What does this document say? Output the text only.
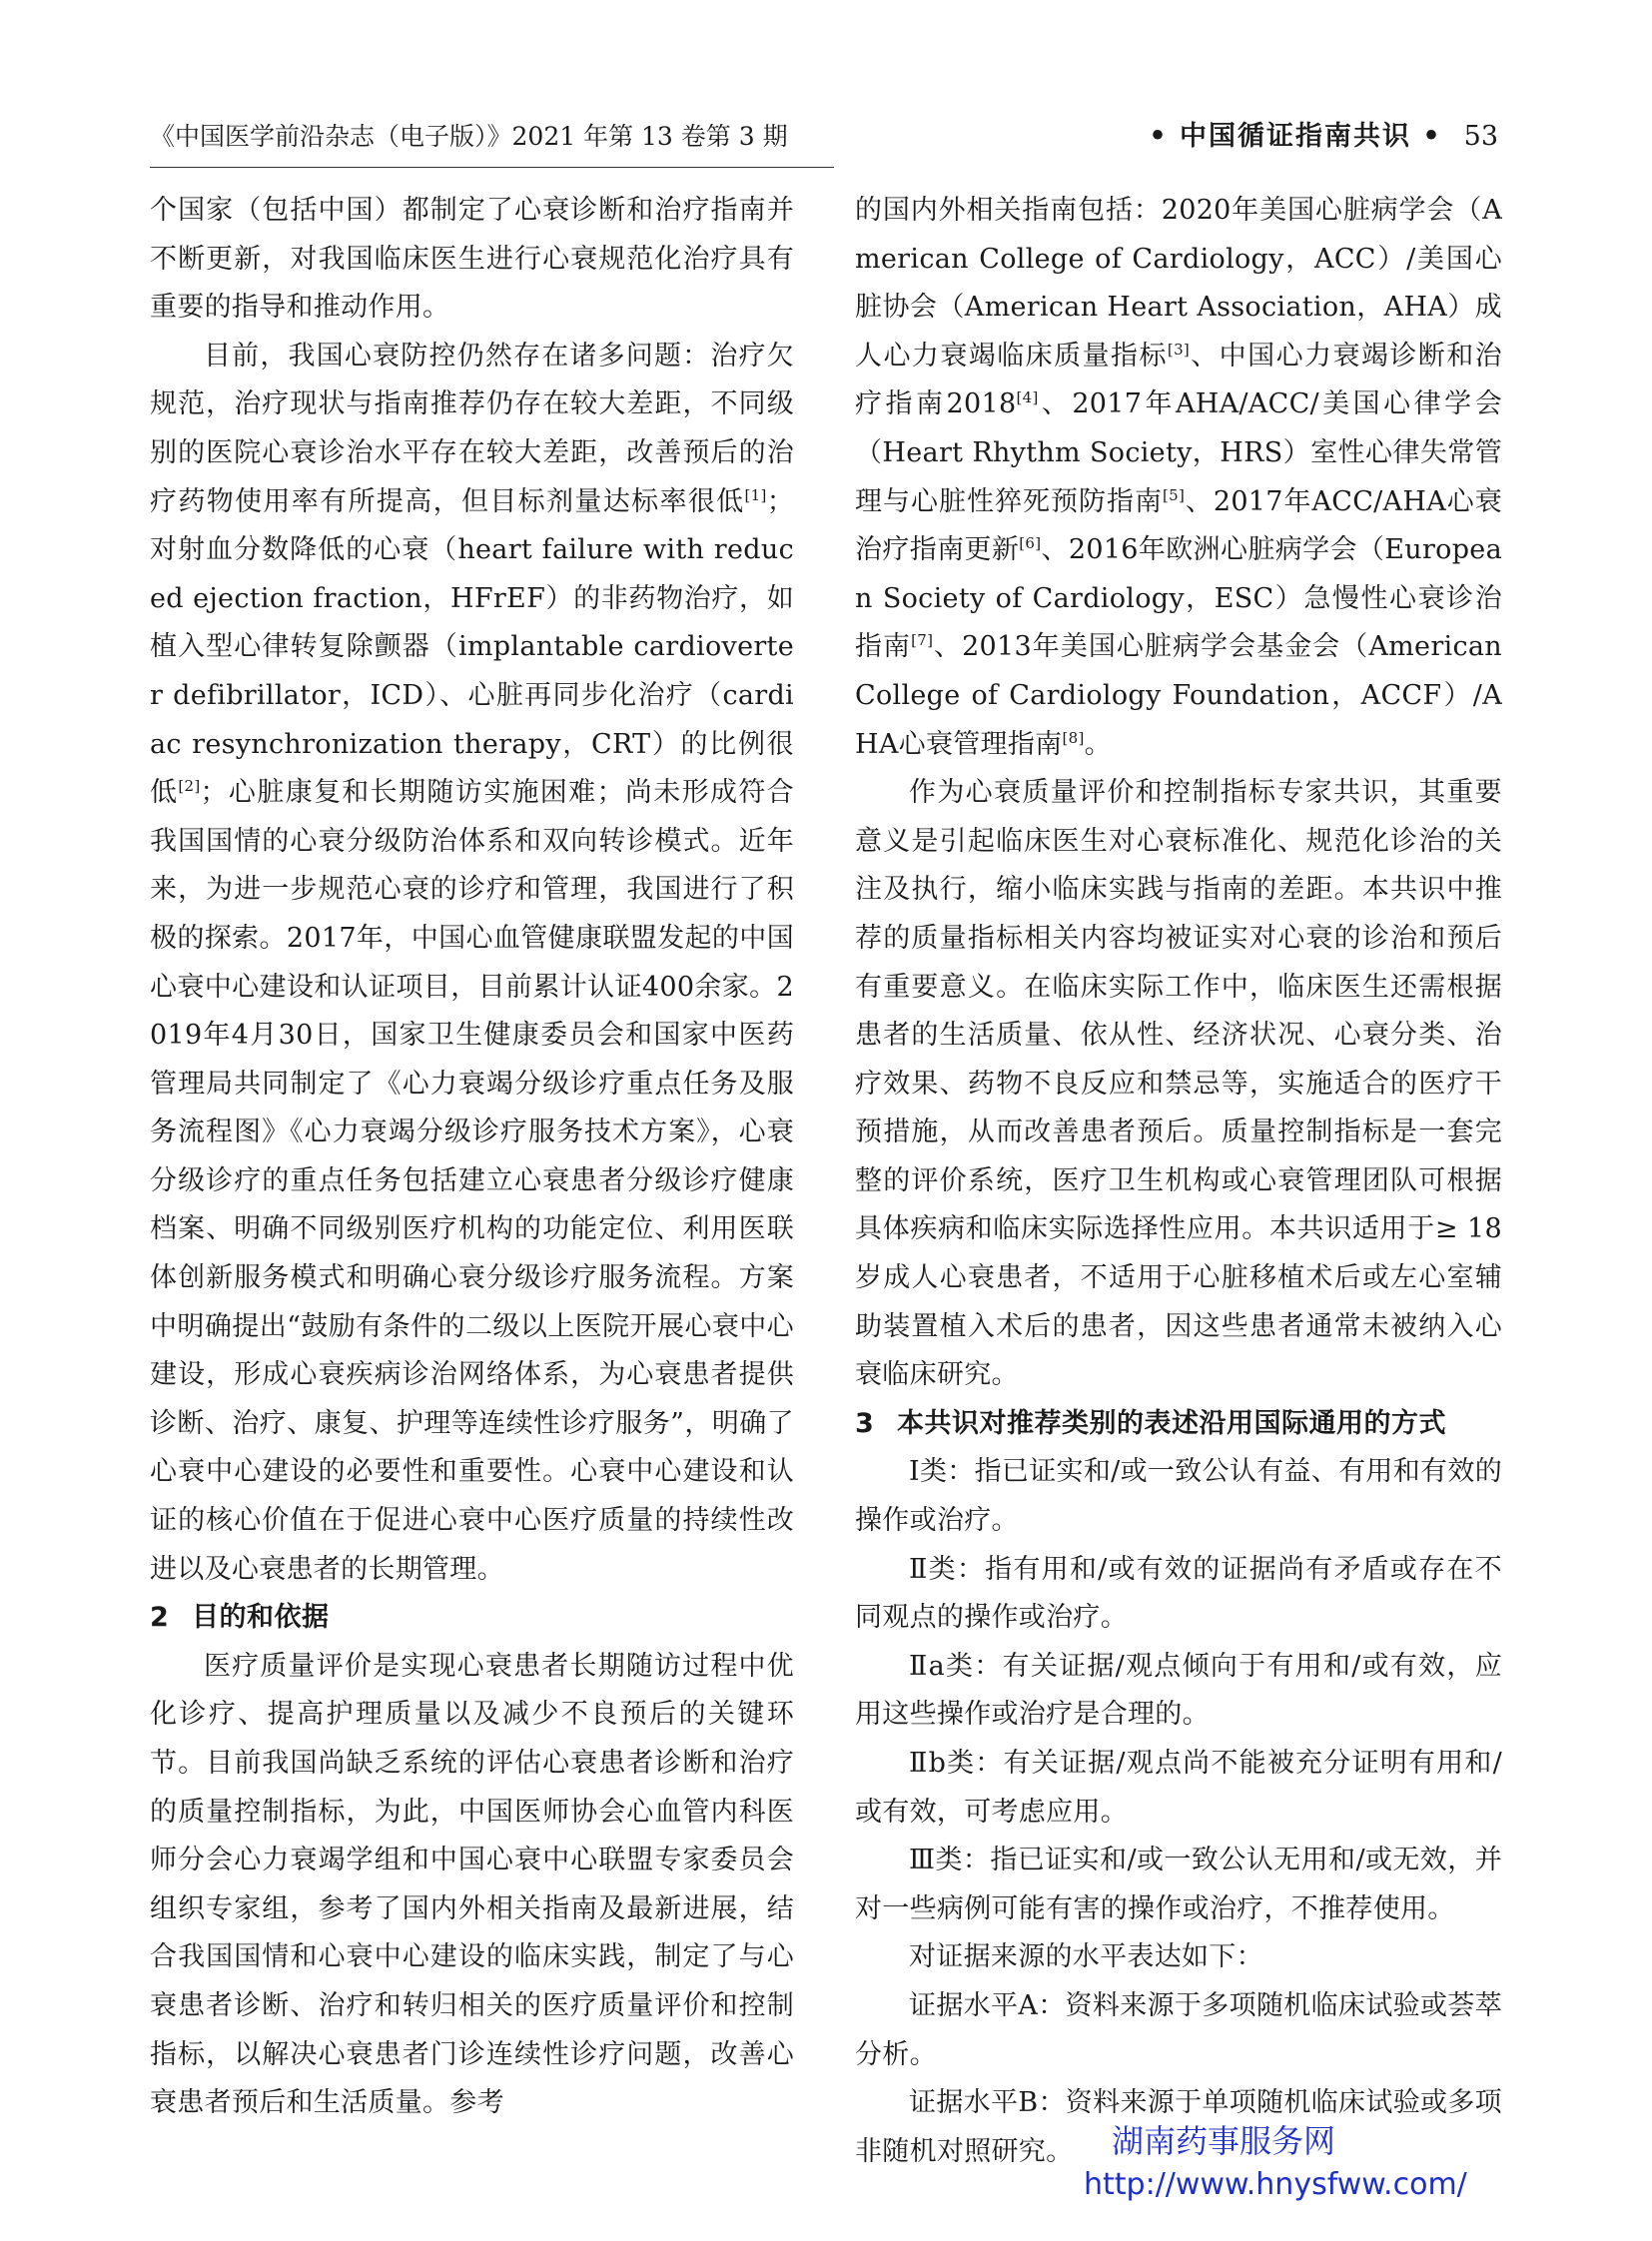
《中国医学前沿杂志（电子版）》2021 年第 13 卷第 3 期	• 中国循证指南共识 • 53

个国家（包括中国）都制定了心衰诊断和治疗指南并不断更新，对我国临床医生进行心衰规范化治疗具有重要的指导和推动作用。

目前，我国心衰防控仍然存在诸多问题：治疗欠规范，治疗现状与指南推荐仍存在较大差距，不同级别的医院心衰诊治水平存在较大差距，改善预后的治疗药物使用率有所提高，但目标剂量达标率很低[1]；对射血分数降低的心衰（heart failure with reduced ejection fraction，HFrEF）的非药物治疗，如植入型心律转复除颤器（implantable cardioverter defibrillator，ICD）、心脏再同步化治疗（cardiac resynchronization therapy，CRT）的比例很低[2]；心脏康复和长期随访实施困难；尚未形成符合我国国情的心衰分级防治体系和双向转诊模式。近年来，为进一步规范心衰的诊疗和管理，我国进行了积极的探索。2017年，中国心血管健康联盟发起的中国心衰中心建设和认证项目，目前累计认证400余家。2019年4月30日，国家卫生健康委员会和国家中医药管理局共同制定了《心力衰竭分级诊疗重点任务及服务流程图》《心力衰竭分级诊疗服务技术方案》，心衰分级诊疗的重点任务包括建立心衰患者分级诊疗健康档案、明确不同级别医疗机构的功能定位、利用医联体创新服务模式和明确心衰分级诊疗服务流程。方案中明确提出“鼓励有条件的二级以上医院开展心衰中心建设，形成心衰疾病诊治网络体系，为心衰患者提供诊断、治疗、康复、护理等连续性诊疗服务”，明确了心衰中心建设的必要性和重要性。心衰中心建设和认证的核心价值在于促进心衰中心医疗质量的持续性改进以及心衰患者的长期管理。

2 目的和依据

医疗质量评价是实现心衰患者长期随访过程中优化诊疗、提高护理质量以及减少不良预后的关键环节。目前我国尚缺乏系统的评估心衰患者诊断和治疗的质量控制指标，为此，中国医师协会心血管内科医师分会心力衰竭学组和中国心衰中心联盟专家委员会组织专家组，参考了国内外相关指南及最新进展，结合我国国情和心衰中心建设的临床实践，制定了与心衰患者诊断、治疗和转归相关的医疗质量评价和控制指标，以解决心衰患者门诊连续性诊疗问题，改善心衰患者预后和生活质量。参考

的国内外相关指南包括：2020年美国心脏病学会（American College of Cardiology，ACC）/美国心脏协会（American Heart Association，AHA）成人心力衰竭临床质量指标[3]、中国心力衰竭诊断和治疗指南2018[4]、2017年AHA/ACC/美国心律学会（Heart Rhythm Society，HRS）室性心律失常管理与心脏性猝死预防指南[5]、2017年ACC/AHA心衰治疗指南更新[6]、2016年欧洲心脏病学会（European Society of Cardiology，ESC）急慢性心衰诊治指南[7]、2013年美国心脏病学会基金会（American College of Cardiology Foundation，ACCF）/AHA心衰管理指南[8]。

作为心衰质量评价和控制指标专家共识，其重要意义是引起临床医生对心衰标准化、规范化诊治的关注及执行，缩小临床实践与指南的差距。本共识中推荐的质量指标相关内容均被证实对心衰的诊治和预后有重要意义。在临床实际工作中，临床医生还需根据患者的生活质量、依从性、经济状况、心衰分类、治疗效果、药物不良反应和禁忌等，实施适合的医疗干预措施，从而改善患者预后。质量控制指标是一套完整的评价系统，医疗卫生机构或心衰管理团队可根据具体疾病和临床实际选择性应用。本共识适用于≥ 18岁成人心衰患者，不适用于心脏移植术后或左心室辅助装置植入术后的患者，因这些患者通常未被纳入心衰临床研究。

3 本共识对推荐类别的表述沿用国际通用的方式

Ⅰ类：指已证实和/或一致公认有益、有用和有效的操作或治疗。

Ⅱ类：指有用和/或有效的证据尚有矛盾或存在不同观点的操作或治疗。

Ⅱa类：有关证据/观点倾向于有用和/或有效，应用这些操作或治疗是合理的。

Ⅱb类：有关证据/观点尚不能被充分证明有用和/或有效，可考虑应用。

Ⅲ类：指已证实和/或一致公认无用和/或无效，并对一些病例可能有害的操作或治疗，不推荐使用。

对证据来源的水平表达如下：

证据水平A：资料来源于多项随机临床试验或荟萃分析。

证据水平B：资料来源于单项随机临床试验或多项非随机对照研究。	湖南药事服务网
http://www.hnysfww.com/
